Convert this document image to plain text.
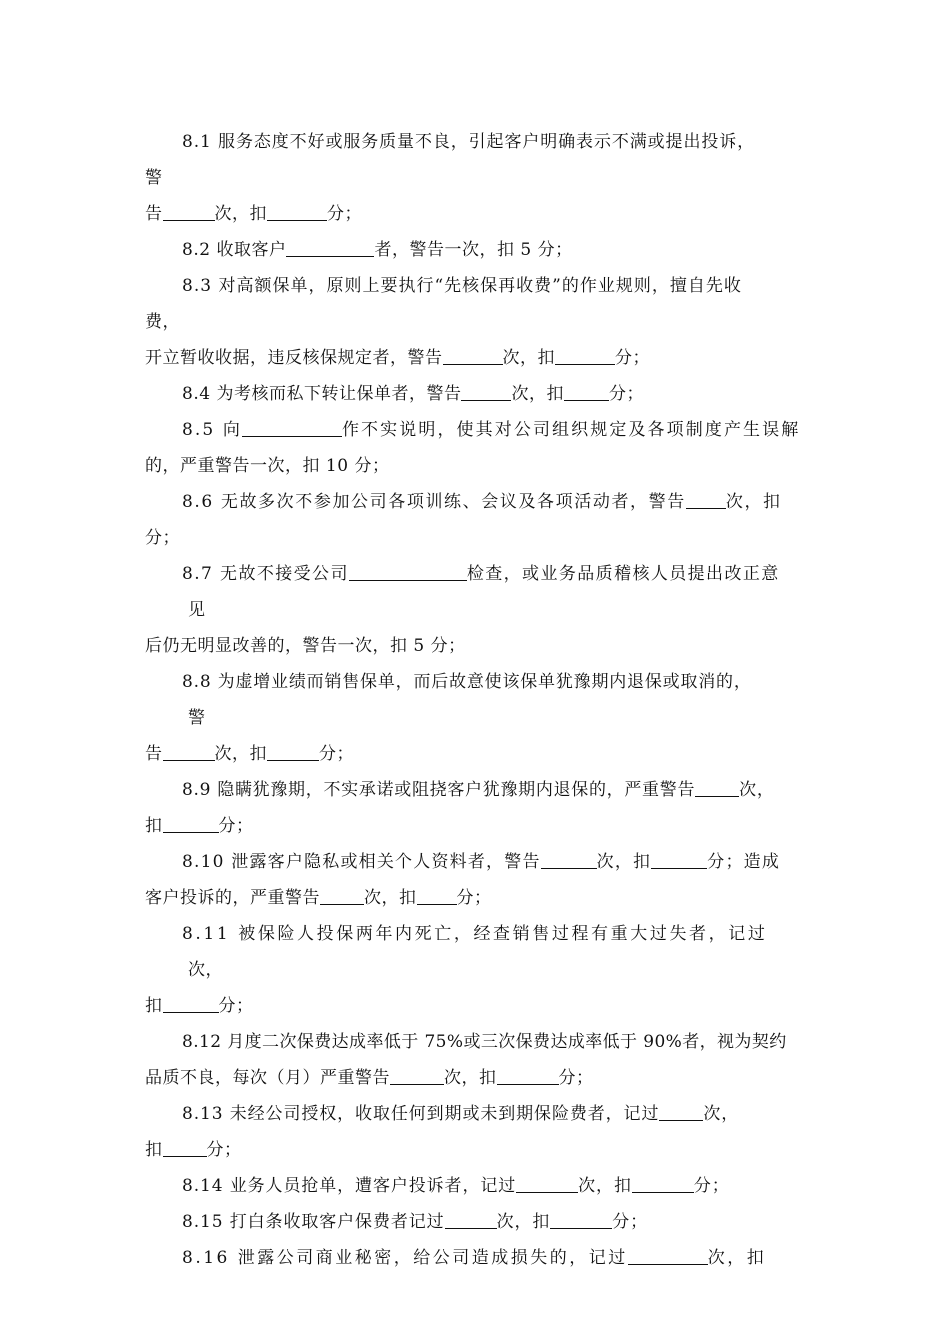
8.1 服务态度不好或服务质量不良，引起客户明确表示不满或提出投诉，
警
告	次，扣	分；
8.2 收取客户	者，警告一次，扣 5 分；
8.3 对高额保单，原则上要执行“先核保再收费”的作业规则，擅自先收
费，
开立暂收收据，违反核保规定者，警告	次，扣	分；
8.4 为考核而私下转让保单者，警告	次，扣	分；
8.5 向	作不实说明，使其对公司组织规定及各项制度产生误解
的，严重警告一次，扣 10 分；
8.6 无故多次不参加公司各项训练、会议及各项活动者，警告 次，扣
分；
8.7 无故不接受公司	检查，或业务品质稽核人员提出改正意
见
后仍无明显改善的，警告一次，扣 5 分；
8.8 为虚增业绩而销售保单，而后故意使该保单犹豫期内退保或取消的，
警
告	次，扣	分；
8.9 隐瞒犹豫期，不实承诺或阻挠客户犹豫期内退保的，严重警告	次，
扣	分；
8.10 泄露客户隐私或相关个人资料者，警告	次，扣	分；造成
客户投诉的，严重警告	次，扣 分；
8.11 被保险人投保两年内死亡，经查销售过程有重大过失者，记过
次，
扣	分；
8.12 月度二次保费达成率低于 75%或三次保费达成率低于 90%者，视为契约
品质不良，每次（月）严重警告	次，扣	分；
8.13 未经公司授权，收取任何到期或未到期保险费者，记过	次，
扣	分；
8.14 业务人员抢单，遭客户投诉者，记过	次，扣	分；
8.15 打白条收取客户保费者记过	次，扣	分；
8.16 泄露公司商业秘密，给公司造成损失的，记过	次，扣
